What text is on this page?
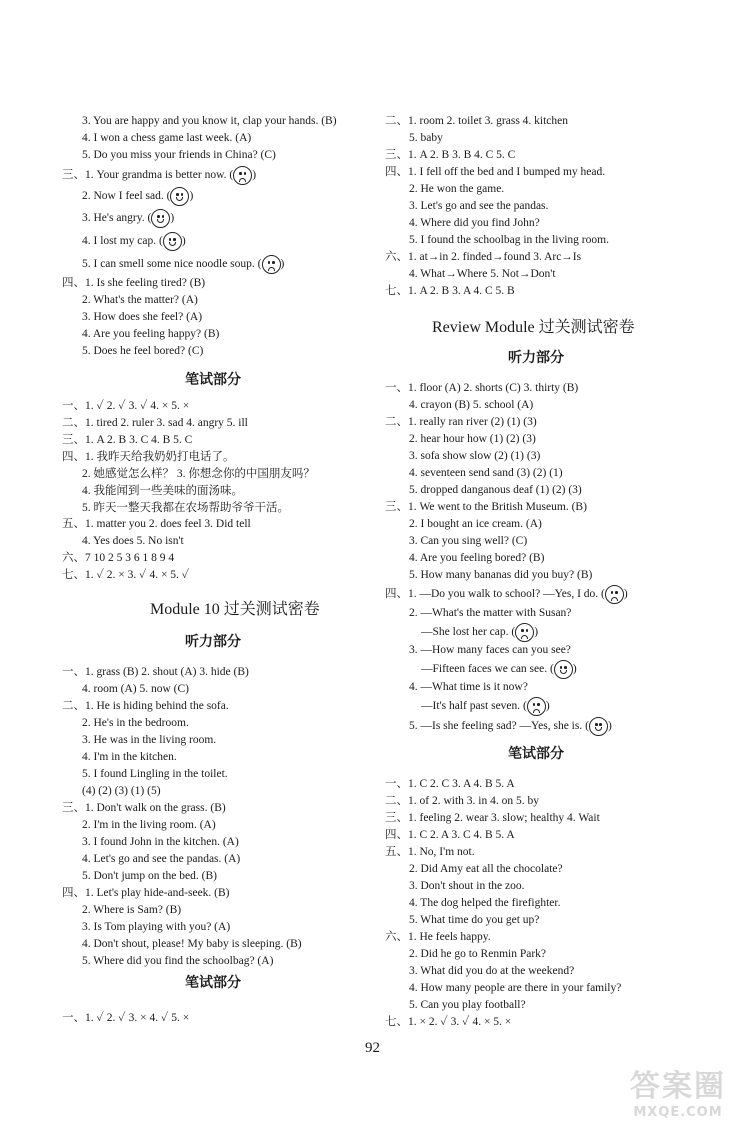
3. You are happy and you know it, clap your hands. (B)
4. I won a chess game last week. (A)
5. Do you miss your friends in China? (C)
三、1. Your grandma is better now. ( )
2. Now I feel sad. ( )
3. He's angry. ( )
4. I lost my cap. ( )
5. I can smell some nice noodle soup. ( )
四、1. Is she feeling tired? (B)
2. What's the matter? (A)
3. How does she feel? (A)
4. Are you feeling happy? (B)
5. Does he feel bored? (C)
一、1. ✓ 2. ✓ 3. ✓ 4. × 5. ×
二、1. tired 2. ruler 3. sad 4. angry 5. ill
三、1. A 2. B 3. C 4. B 5. C
四、1. 我昨天给我奶奶打电话了。
2. 她感觉怎么样？ 3. 你想念你的中国朋友吗？
4. 我能闻到一些美味的面汤味。
5. 昨天一整天我都在农场帮助爷爷干活。
五、1. matter you 2. does feel 3. Did tell
4. Yes does 5. No isn't
六、7 10 2 5 3 6 1 8 9 4
七、1. ✓ 2. × 3. ✓ 4. × 5. ✓
一、1. grass (B) 2. shout (A) 3. hide (B)
4. room (A) 5. now (C)
二、1. He is hiding behind the sofa.
2. He's in the bedroom.
3. He was in the living room.
4. I'm in the kitchen.
5. I found Lingling in the toilet.
(4) (2) (3) (1) (5)
三、1. Don't walk on the grass. (B)
2. I'm in the living room. (A)
3. I found John in the kitchen. (A)
4. Let's go and see the pandas. (A)
5. Don't jump on the bed. (B)
四、1. Let's play hide-and-seek. (B)
2. Where is Sam? (B)
3. Is Tom playing with you? (A)
4. Don't shout, please! My baby is sleeping. (B)
5. Where did you find the schoolbag? (A)
一、1. ✓ 2. ✓ 3. × 4. ✓ 5. ×
二、1. room 2. toilet 3. grass 4. kitchen
5. baby
三、1. A 2. B 3. B 4. C 5. C
四、1. I fell off the bed and I bumped my head.
2. He won the game.
3. Let's go and see the pandas.
4. Where did you find John?
5. I found the schoolbag in the living room.
六、1. at→in 2. finded→found 3. Arc→Is
4. What→Where 5. Not→Don't
七、1. A 2. B 3. A 4. C 5. B
一、1. floor (A) 2. shorts (C) 3. thirty (B)
4. crayon (B) 5. school (A)
二、1. really ran river (2) (1) (3)
2. hear hour how (1) (2) (3)
3. sofa show slow (2) (1) (3)
4. seventeen send sand (3) (2) (1)
5. dropped danganous deaf (1) (2) (3)
三、1. We went to the British Museum. (B)
2. I bought an ice cream. (A)
3. Can you sing well? (C)
4. Are you feeling bored? (B)
5. How many bananas did you buy? (B)
四、1. —Do you walk to school? —Yes, I do. ( )
2. —What's the matter with Susan?
—She lost her cap. ( )
3. —How many faces can you see?
—Fifteen faces we can see. ( )
4. —What time is it now?
—It's half past seven. ( )
5. —Is she feeling sad? —Yes, she is. ( )
一、1. C 2. C 3. A 4. B 5. A
二、1. of 2. with 3. in 4. on 5. by
三、1. feeling 2. wear 3. slow; healthy 4. Wait
四、1. C 2. A 3. C 4. B 5. A
五、1. No, I'm not.
2. Did Amy eat all the chocolate?
3. Don't shout in the zoo.
4. The dog helped the firefighter.
5. What time do you get up?
六、1. He feels happy.
2. Did he go to Renmin Park?
3. What did you do at the weekend?
4. How many people are there in your family?
5. Can you play football?
七、1. × 2. ✓ 3. ✓ 4. × 5. ×
笔试部分
听力部分
笔试部分
听力部分
笔试部分
Module 10 过关测试密卷
Review Module 过关测试密卷
92
答案圈
MXQE.COM
